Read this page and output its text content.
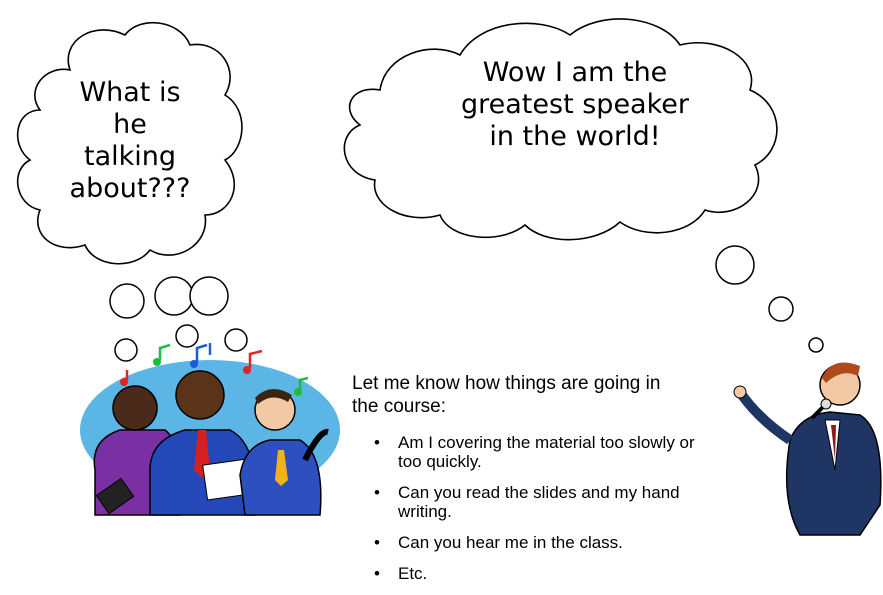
What is
he
talking
about???
Wow I am the
greatest speaker
in the world!
Let me know how things are going in the course:
• Am I covering the material too slowly or too quickly.
• Can you read the slides and my hand writing.
• Can you hear me in the class.
• Etc.
